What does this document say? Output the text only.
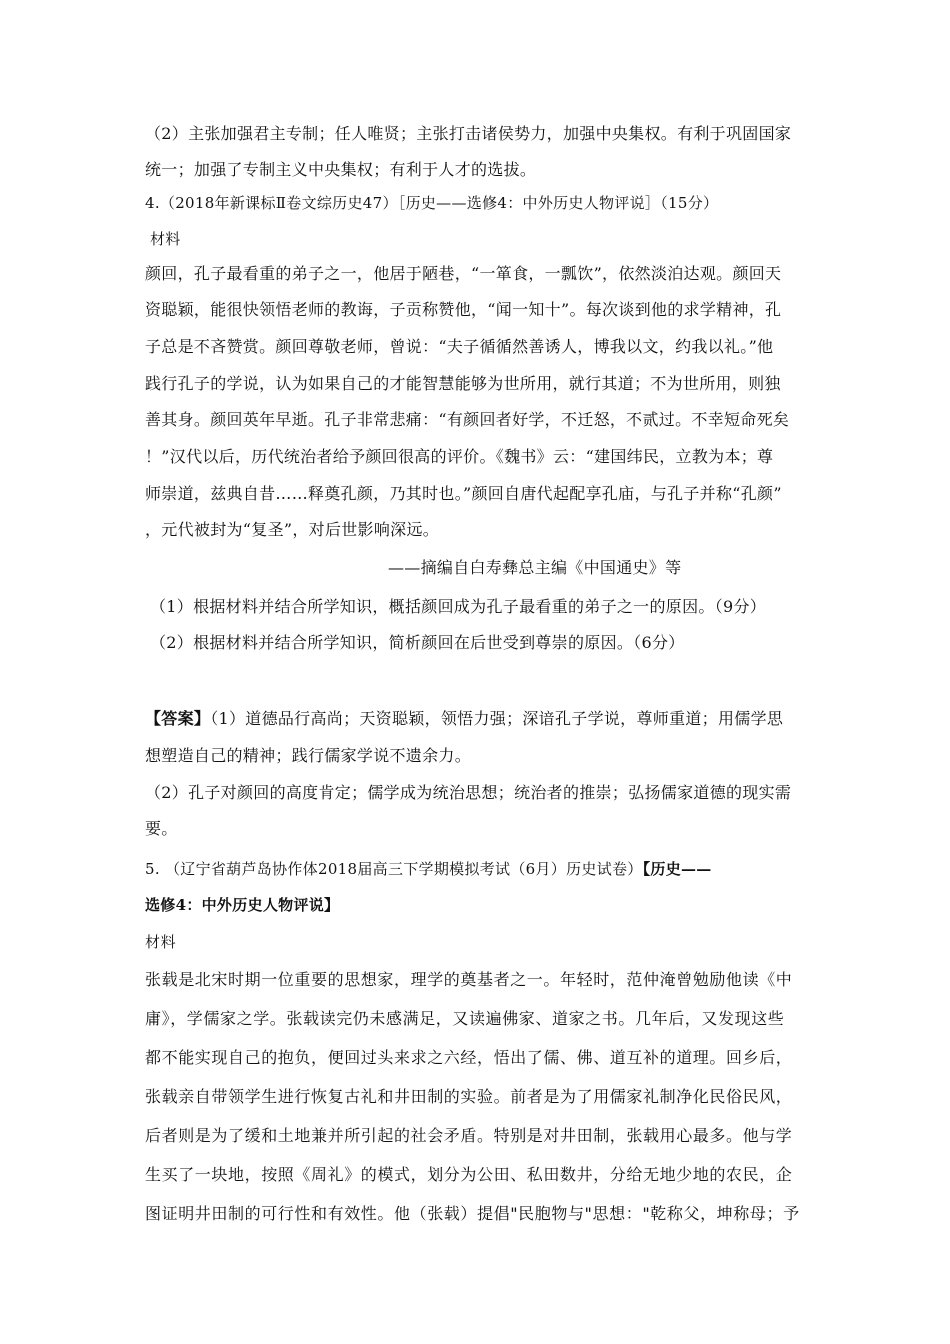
（2）主张加强君主专制；任人唯贤；主张打击诸侯势力，加强中央集权。有利于巩固国家
统一；加强了专制主义中央集权；有利于人才的选拔。
4.（2018年新课标Ⅱ卷文综历史47）［历史——选修4：中外历史人物评说］（15分）
材料
颜回，孔子最看重的弟子之一，他居于陋巷，“一箪食，一瓢饮”，依然淡泊达观。颜回天
资聪颖，能很快领悟老师的教诲，子贡称赞他，“闻一知十”。每次谈到他的求学精神，孔
子总是不吝赞赏。颜回尊敬老师，曾说：“夫子循循然善诱人，博我以文，约我以礼。”他
践行孔子的学说，认为如果自己的才能智慧能够为世所用，就行其道；不为世所用，则独
善其身。颜回英年早逝。孔子非常悲痛：“有颜回者好学，不迁怒，不贰过。不幸短命死矣
！”汉代以后，历代统治者给予颜回很高的评价。《魏书》云：“建国纬民，立教为本；尊
师崇道，兹典自昔……释奠孔颜，乃其时也。”颜回自唐代起配享孔庙，与孔子并称“孔颜”
，元代被封为“复圣”，对后世影响深远。
——摘编自白寿彝总主编《中国通史》等
（1）根据材料并结合所学知识，概括颜回成为孔子最看重的弟子之一的原因。（9分）
（2）根据材料并结合所学知识，简析颜回在后世受到尊崇的原因。（6分）
【答案】（1）道德品行高尚；天资聪颖，领悟力强；深谙孔子学说，尊师重道；用儒学思
想塑造自己的精神；践行儒家学说不遗余力。
（2）孔子对颜回的高度肯定；儒学成为统治思想；统治者的推崇；弘扬儒家道德的现实需
要。
5. （辽宁省葫芦岛协作体2018届高三下学期模拟考试（6月）历史试卷）【历史——
选修4：中外历史人物评说】
材料
张载是北宋时期一位重要的思想家，理学的奠基者之一。年轻时，范仲淹曾勉励他读《中
庸》，学儒家之学。张载读完仍未感满足，又读遍佛家、道家之书。几年后，又发现这些
都不能实现自己的抱负，便回过头来求之六经，悟出了儒、佛、道互补的道理。回乡后，
张载亲自带领学生进行恢复古礼和井田制的实验。前者是为了用儒家礼制净化民俗民风，
后者则是为了缓和土地兼并所引起的社会矛盾。特别是对井田制，张载用心最多。他与学
生买了一块地，按照《周礼》的模式，划分为公田、私田数井，分给无地少地的农民，企
图证明井田制的可行性和有效性。他（张载）提倡"民胞物与"思想："乾称父，坤称母；予
